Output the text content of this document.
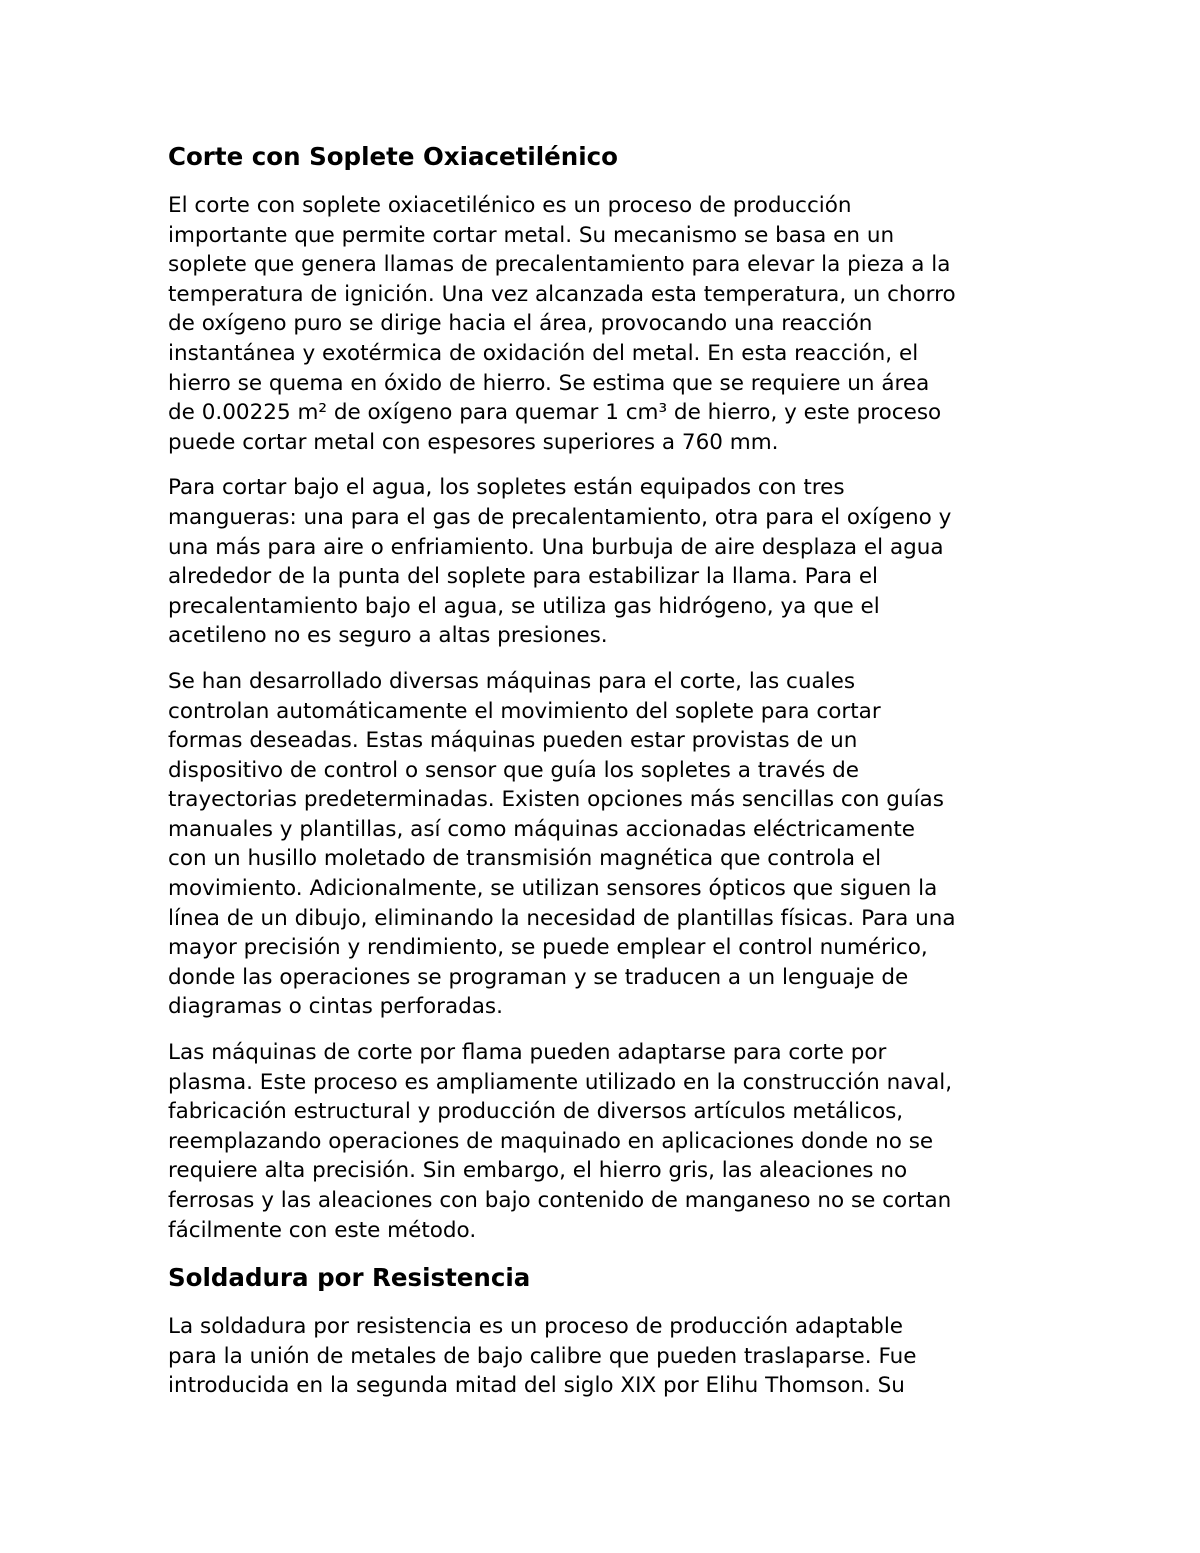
Corte con Soplete Oxiacetilénico

El corte con soplete oxiacetilénico es un proceso de producción
importante que permite cortar metal. Su mecanismo se basa en un
soplete que genera llamas de precalentamiento para elevar la pieza a la
temperatura de ignición. Una vez alcanzada esta temperatura, un chorro
de oxígeno puro se dirige hacia el área, provocando una reacción
instantánea y exotérmica de oxidación del metal. En esta reacción, el
hierro se quema en óxido de hierro. Se estima que se requiere un área
de 0.00225 m² de oxígeno para quemar 1 cm³ de hierro, y este proceso
puede cortar metal con espesores superiores a 760 mm.

Para cortar bajo el agua, los sopletes están equipados con tres
mangueras: una para el gas de precalentamiento, otra para el oxígeno y
una más para aire o enfriamiento. Una burbuja de aire desplaza el agua
alrededor de la punta del soplete para estabilizar la llama. Para el
precalentamiento bajo el agua, se utiliza gas hidrógeno, ya que el
acetileno no es seguro a altas presiones.

Se han desarrollado diversas máquinas para el corte, las cuales
controlan automáticamente el movimiento del soplete para cortar
formas deseadas. Estas máquinas pueden estar provistas de un
dispositivo de control o sensor que guía los sopletes a través de
trayectorias predeterminadas. Existen opciones más sencillas con guías
manuales y plantillas, así como máquinas accionadas eléctricamente
con un husillo moletado de transmisión magnética que controla el
movimiento. Adicionalmente, se utilizan sensores ópticos que siguen la
línea de un dibujo, eliminando la necesidad de plantillas físicas. Para una
mayor precisión y rendimiento, se puede emplear el control numérico,
donde las operaciones se programan y se traducen a un lenguaje de
diagramas o cintas perforadas.

Las máquinas de corte por flama pueden adaptarse para corte por
plasma. Este proceso es ampliamente utilizado en la construcción naval,
fabricación estructural y producción de diversos artículos metálicos,
reemplazando operaciones de maquinado en aplicaciones donde no se
requiere alta precisión. Sin embargo, el hierro gris, las aleaciones no
ferrosas y las aleaciones con bajo contenido de manganeso no se cortan
fácilmente con este método.

Soldadura por Resistencia

La soldadura por resistencia es un proceso de producción adaptable
para la unión de metales de bajo calibre que pueden traslaparse. Fue
introducida en la segunda mitad del siglo XIX por Elihu Thomson. Su
